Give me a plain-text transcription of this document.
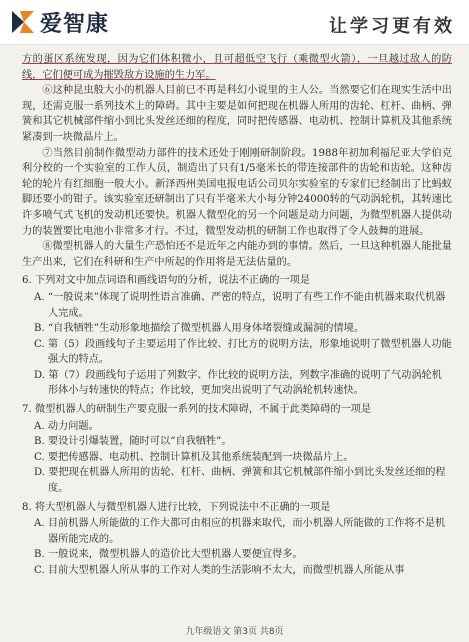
爱智康	让学习更有效

方的蛋区系统发现，因为它们体积微小，且可超低空飞行（乘微型火箭），一旦越过敌人的防线，它们便可成为摧毁敌方设施的生力军。

⑥这种昆虫般大小的机器人目前已不再是科幻小说里的主人公。当然要它们在现实生活中出现，还需克服一系列技术上的障碍。其中主要是如何把现在机器人所用的齿轮、杠杆、曲柄、弹簧和其它机械部件缩小到比头发丝还细的程度，同时把传感器、电动机、控制计算机及其他系统紧凑到一块微晶片上。

⑦当然目前制作微型动力部件的技术还处于刚刚研制阶段。1988年初加利福尼亚大学伯克利分校的一个实验室的工作人员，制造出了只有1/5毫米长的带连接部件的齿轮和齿轮。这种齿轮的轮片有红细胞一般大小。新泽西州美国电报电话公司贝尔实验室的专家们已经制出了比蚂蚁脚还要小的钳子。该实验室还研制出了只有半毫米大小每分钟24000转的气动涡轮机，其转速比许多喷气式飞机的发动机还要快。机器人微型化的另一个问题是动力问题，为微型机器人提供动力的装置要比电池小非常多才行。不过，微型发动机的研制工作也取得了令人鼓舞的进展。

⑧微型机器人的大量生产恐怕还不是近年之内能办到的事情。然后，一旦这种机器人能批量生产出来，它们在科研和生产中所起的作用将是无法估量的。

6. 下列对文中加点词语和画线语句的分析，说法不正确的一项是

A. “一般说来”体现了说明性语言准确、严密的特点，说明了有些工作不能由机器来取代机器人完成。

B. “自我牺牲”生动形象地描绘了微型机器人用身体堵裂缝或漏洞的情境。

C. 第（5）段画线句子主要运用了作比较、打比方的说明方法，形象地说明了微型机器人功能强大的特点。

D. 第（7）段画线句子运用了列数字、作比较的说明方法，列数字准确的说明了气动涡轮机形体小与转速快的特点；作比较，更加突出说明了气动涡轮机转速快。

7. 微型机器人的研制生产要克服一系列的技术障碍，不属于此类障碍的一项是

A. 动力问题。

B. 要设计引爆装置，随时可以“自我牺牲”。

C. 要把传感器、电动机、控制计算机及其他系统装配到一块微晶片上。

D. 要把现在机器人所用的齿轮、杠杆、曲柄、弹簧和其它机械部件缩小到比头发丝还细的程度。

8. 将大型机器人与微型机器人进行比较，下列说法中不正确的一项是

A. 目前机器人所能做的工作大都可由相应的机器来取代，而小机器人所能做的工作将不是机器所能完成的。

B. 一般说来，微型机器人的造价比大型机器人要便宜得多。

C. 目前大型机器人所从事的工作对人类的生活影响不太大，而微型机器人所能从事

九年级语文 第3页 共8页
